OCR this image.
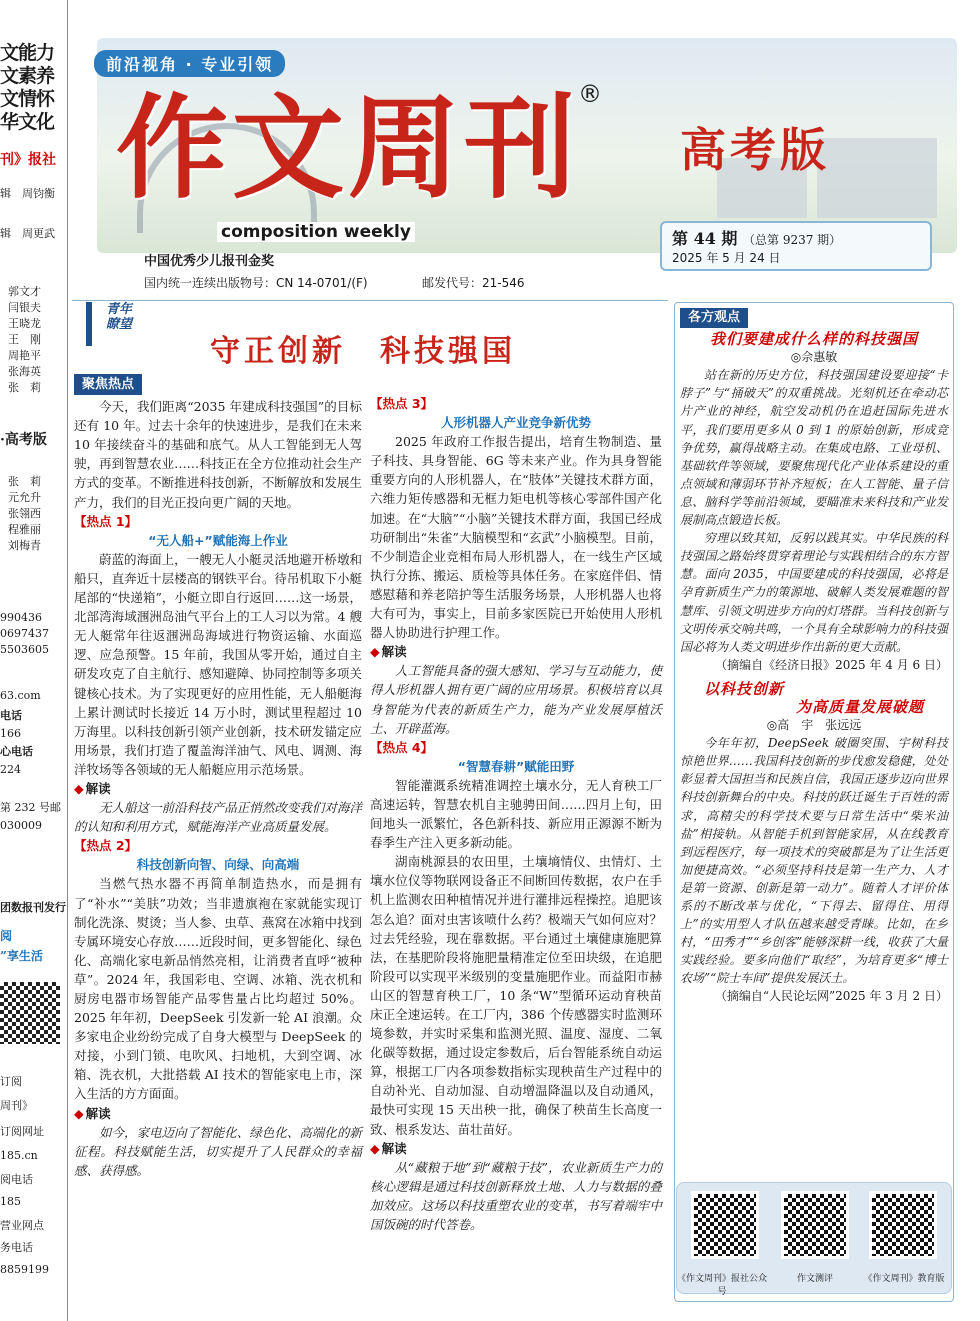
文能力
文素养
文情怀
华文化
刊》报社
辑　周钧衡
辑　周更武
郭文才
闫银夫
王晓龙
王　刚
周艳平
张海英
张　莉
·高考版
张　莉
元允升
张翎西
程雅丽
刘梅青
990436
0697437
5503605
63.com
电话
166
心电话
224
第 232 号邮
030009
团数报刊发行
阅
”享生活
订阅
周刊》
订阅网址
185.cn
阅电话
185
营业网点
务电话
8859199
前沿视角 · 专业引领
作文周刊
®
composition weekly
高考版
第 44 期 （总第 9237 期）
2025 年 5 月 24 日
中国优秀少儿报刊金奖
国内统一连续出版物号：CN 14-0701/(F)	邮发代号：21-546
青年
瞭望
守正创新　科技强国
聚焦热点

今天，我们距离“2035 年建成科技强国”的目标还有 10 年。过去十余年的快速进步，是我们在未来 10 年接续奋斗的基础和底气。从人工智能到无人驾驶，再到智慧农业……科技正在全方位推动社会生产方式的变革。不断推进科技创新，不断解放和发展生产力，我们的目光正投向更广阔的天地。

【热点 1】
“无人船+”赋能海上作业

蔚蓝的海面上，一艘无人小艇灵活地避开桥墩和船只，直奔近十层楼高的钢铁平台。待吊机取下小艇尾部的“快递箱”，小艇立即自行返回……这一场景，北部湾海域涠洲岛油气平台上的工人习以为常。4 艘无人艇常年往返涠洲岛海域进行物资运输、水面巡逻、应急预警。15 年前，我国从零开始，通过自主研发攻克了自主航行、感知避障、协同控制等多项关键核心技术。为了实现更好的应用性能，无人船艇海上累计测试时长接近 14 万小时，测试里程超过 10 万海里。以科技创新引领产业创新，技术研发锚定应用场景，我们打造了覆盖海洋油气、风电、调测、海洋牧场等各领域的无人船艇应用示范场景。

◆ 解读

无人船这一前沿科技产品正悄然改变我们对海洋的认知和利用方式，赋能海洋产业高质量发展。

【热点 2】
科技创新向智、向绿、向高端

当燃气热水器不再简单制造热水，而是拥有了“补水”“美肤”功效；当非遗旗袍在家就能实现订制化洗涤、熨烫；当人参、虫草、燕窝在冰箱中找到专属环境安心存放……近段时间，更多智能化、绿色化、高端化家电新品悄然亮相，让消费者直呼“被种草”。2024 年，我国彩电、空调、冰箱、洗衣机和厨房电器市场智能产品零售量占比均超过 50%。2025 年年初，DeepSeek 引发新一轮 AI 浪潮。众多家电企业纷纷完成了自身大模型与 DeepSeek 的对接，小到门锁、电吹风、扫地机，大到空调、冰箱、洗衣机，大批搭载 AI 技术的智能家电上市，深入生活的方方面面。

◆ 解读

如今，家电迈向了智能化、绿色化、高端化的新征程。科技赋能生活，切实提升了人民群众的幸福感、获得感。

【热点 3】
人形机器人产业竞争新优势

2025 年政府工作报告提出，培育生物制造、量子科技、具身智能、6G 等未来产业。作为具身智能重要方向的人形机器人，在“肢体”关键技术群方面，六维力矩传感器和无框力矩电机等核心零部件国产化加速。在“大脑”“小脑”关键技术群方面，我国已经成功研制出“朱雀”大脑模型和“玄武”小脑模型。目前，不少制造企业竞相布局人形机器人，在一线生产区域执行分拣、搬运、质检等具体任务。在家庭伴侣、情感慰藉和养老陪护等生活服务场景，人形机器人也将大有可为，事实上，目前多家医院已开始使用人形机器人协助进行护理工作。

◆ 解读

人工智能具备的强大感知、学习与互动能力，使得人形机器人拥有更广阔的应用场景。积极培育以具身智能为代表的新质生产力，能为产业发展厚植沃土、开辟蓝海。

【热点 4】
“智慧春耕”赋能田野

智能灌溉系统精准调控土壤水分，无人育秧工厂高速运转，智慧农机自主驰骋田间……四月上旬，田间地头一派繁忙，各色新科技、新应用正源源不断为春季生产注入更多新动能。

湖南桃源县的农田里，土壤墒情仪、虫情灯、土壤水位仪等物联网设备正不间断回传数据，农户在手机上监测农田种植情况并进行灌排远程操控。追肥该怎么追？面对虫害该喷什么药？极端天气如何应对？过去凭经验，现在靠数据。平台通过土壤健康施肥算法，在基肥阶段将施肥量精准定位至田块级，在追肥阶段可以实现平米级别的变量施肥作业。而益阳市赫山区的智慧育秧工厂，10 条“W”型循环运动育秧苗床正全速运转。在工厂内，386 个传感器实时监测环境参数，并实时采集和监测光照、温度、湿度、二氧化碳等数据，通过设定参数后，后台智能系统自动运算，根据工厂内各项参数指标实现秧苗生产过程中的自动补光、自动加湿、自动增温降温以及自动通风，最快可实现 15 天出秧一批，确保了秧苗生长高度一致、根系发达、苗壮苗好。

◆ 解读

从“藏粮于地”到“藏粮于技”，农业新质生产力的核心逻辑是通过科技创新释放土地、人力与数据的叠加效应。这场以科技重塑农业的变革，书写着端牢中国饭碗的时代答卷。

各方观点
我们要建成什么样的科技强国
◎佘惠敏

站在新的历史方位，科技强国建设要迎接“卡脖子”与“捅破天”的双重挑战。光刻机还在牵动芯片产业的神经，航空发动机仍在追赶国际先进水平，我们要用更多从 0 到 1 的原始创新，形成竞争优势，赢得战略主动。在集成电路、工业母机、基础软件等领域，要聚焦现代化产业体系建设的重点领域和薄弱环节补齐短板；在人工智能、量子信息、脑科学等前沿领域，要瞄准未来科技和产业发展制高点锻造长板。

穷理以致其知，反躬以践其实。中华民族的科技强国之路始终贯穿着理论与实践相结合的东方智慧。面向 2035，中国要建成的科技强国，必将是孕育新质生产力的策源地、破解人类发展难题的智慧库、引领文明进步方向的灯塔群。当科技创新与文明传承交响共鸣，一个具有全球影响力的科技强国必将为人类文明进步作出新的更大贡献。

（摘编自《经济日报》2025 年 4 月 6 日）
以科技创新
为高质量发展破题
◎高　宇　张远远

今年年初，DeepSeek 破圈突围、宇树科技惊艳世界……我国科技创新的步伐愈发稳健，处处彰显着大国担当和民族自信，我国正逐步迈向世界科技创新舞台的中央。科技的跃迁诞生于百姓的需求，高精尖的科学技术要与日常生活中“柴米油盐”相接轨。从智能手机到智能家居，从在线教育到远程医疗，每一项技术的突破都是为了让生活更加便捷高效。“必须坚持科技是第一生产力、人才是第一资源、创新是第一动力”。随着人才评价体系的不断改革与优化，“下得去、留得住、用得上”的实用型人才队伍越来越受青睐。比如，在乡村，“田秀才”“乡创客”能够深耕一线，收获了大量实践经验。要多向他们“取经”，为培育更多“博士农场”“院士车间”提供发展沃土。

（摘编自“人民论坛网”2025 年 3 月 2 日）
《作文周刊》报社公众号
作文测评	《作文周刊》教育版
